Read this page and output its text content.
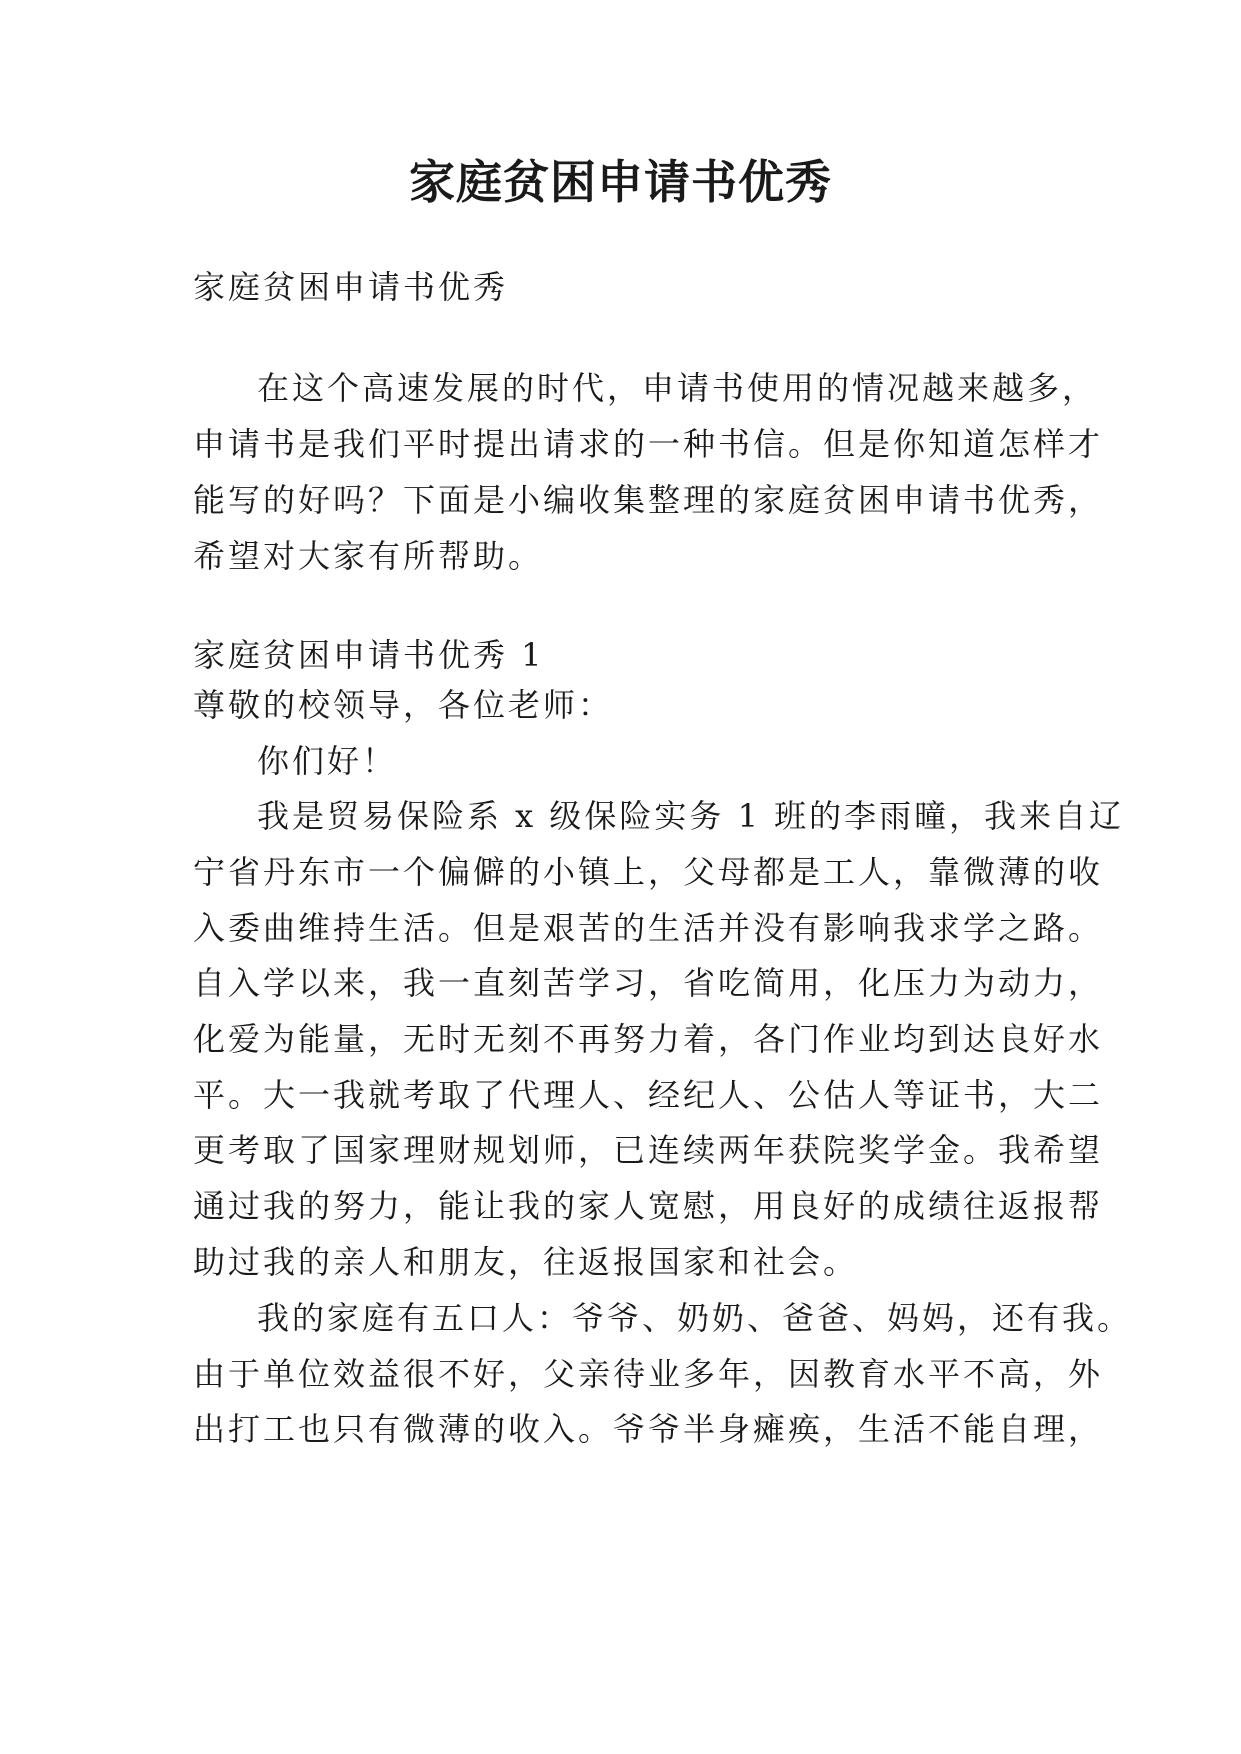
家庭贫困申请书优秀

家庭贫困申请书优秀

在这个高速发展的时代，申请书使用的情况越来越多，

申请书是我们平时提出请求的一种书信。但是你知道怎样才

能写的好吗？下面是小编收集整理的家庭贫困申请书优秀，

希望对大家有所帮助。

家庭贫困申请书优秀 1

尊敬的校领导，各位老师：

你们好！

我是贸易保险系 x 级保险实务 1 班的李雨曈，我来自辽

宁省丹东市一个偏僻的小镇上，父母都是工人，靠微薄的收

入委曲维持生活。但是艰苦的生活并没有影响我求学之路。

自入学以来，我一直刻苦学习，省吃简用，化压力为动力，

化爱为能量，无时无刻不再努力着，各门作业均到达良好水

平。大一我就考取了代理人、经纪人、公估人等证书，大二

更考取了国家理财规划师，已连续两年获院奖学金。我希望

通过我的努力，能让我的家人宽慰，用良好的成绩往返报帮

助过我的亲人和朋友，往返报国家和社会。

我的家庭有五口人：爷爷、奶奶、爸爸、妈妈，还有我。

由于单位效益很不好，父亲待业多年，因教育水平不高，外

出打工也只有微薄的收入。爷爷半身瘫痪，生活不能自理，
